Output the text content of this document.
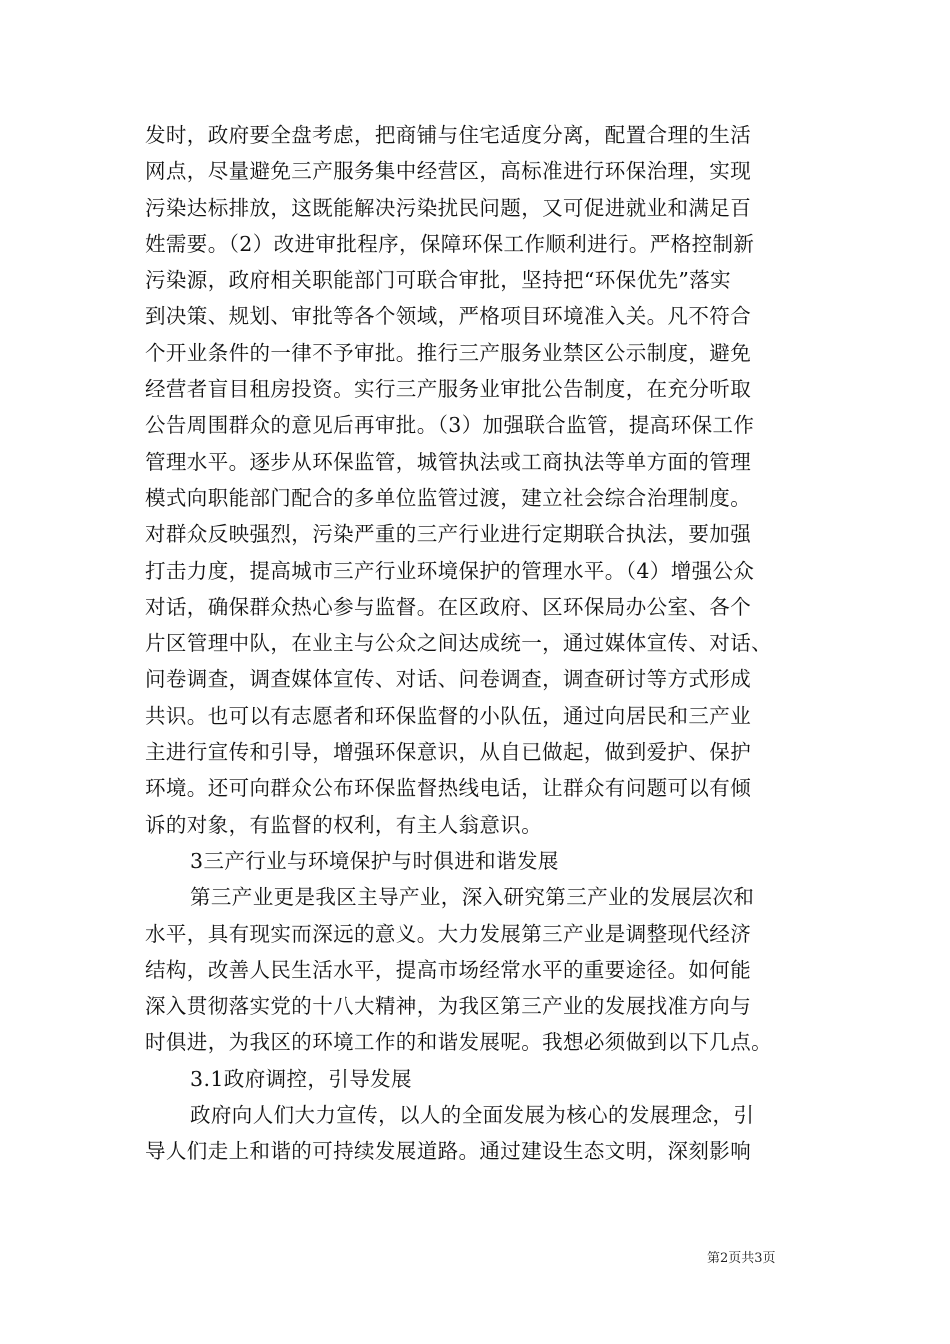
发时，政府要全盘考虑，把商铺与住宅适度分离，配置合理的生活
网点，尽量避免三产服务集中经营区，高标准进行环保治理，实现
污染达标排放，这既能解决污染扰民问题，又可促进就业和满足百
姓需要。（2）改进审批程序，保障环保工作顺利进行。严格控制新
污染源，政府相关职能部门可联合审批，坚持把“环保优先”落实
到决策、规划、审批等各个领域，严格项目环境准入关。凡不符合
个开业条件的一律不予审批。推行三产服务业禁区公示制度，避免
经营者盲目租房投资。实行三产服务业审批公告制度，在充分听取
公告周围群众的意见后再审批。（3）加强联合监管，提高环保工作
管理水平。逐步从环保监管，城管执法或工商执法等单方面的管理
模式向职能部门配合的多单位监管过渡，建立社会综合治理制度。
对群众反映强烈，污染严重的三产行业进行定期联合执法，要加强
打击力度，提高城市三产行业环境保护的管理水平。（4）增强公众
对话，确保群众热心参与监督。在区政府、区环保局办公室、各个
片区管理中队，在业主与公众之间达成统一，通过媒体宣传、对话、
问卷调查，调查媒体宣传、对话、问卷调查，调查研讨等方式形成
共识。也可以有志愿者和环保监督的小队伍，通过向居民和三产业
主进行宣传和引导，增强环保意识，从自已做起，做到爱护、保护
环境。还可向群众公布环保监督热线电话，让群众有问题可以有倾
诉的对象，有监督的权利，有主人翁意识。
3三产行业与环境保护与时俱进和谐发展
第三产业更是我区主导产业，深入研究第三产业的发展层次和
水平，具有现实而深远的意义。大力发展第三产业是调整现代经济
结构，改善人民生活水平，提高市场经常水平的重要途径。如何能
深入贯彻落实党的十八大精神，为我区第三产业的发展找准方向与
时俱进，为我区的环境工作的和谐发展呢。我想必须做到以下几点。
3.1政府调控，引导发展
政府向人们大力宣传，以人的全面发展为核心的发展理念，引
导人们走上和谐的可持续发展道路。通过建设生态文明，深刻影响
第2页共3页
